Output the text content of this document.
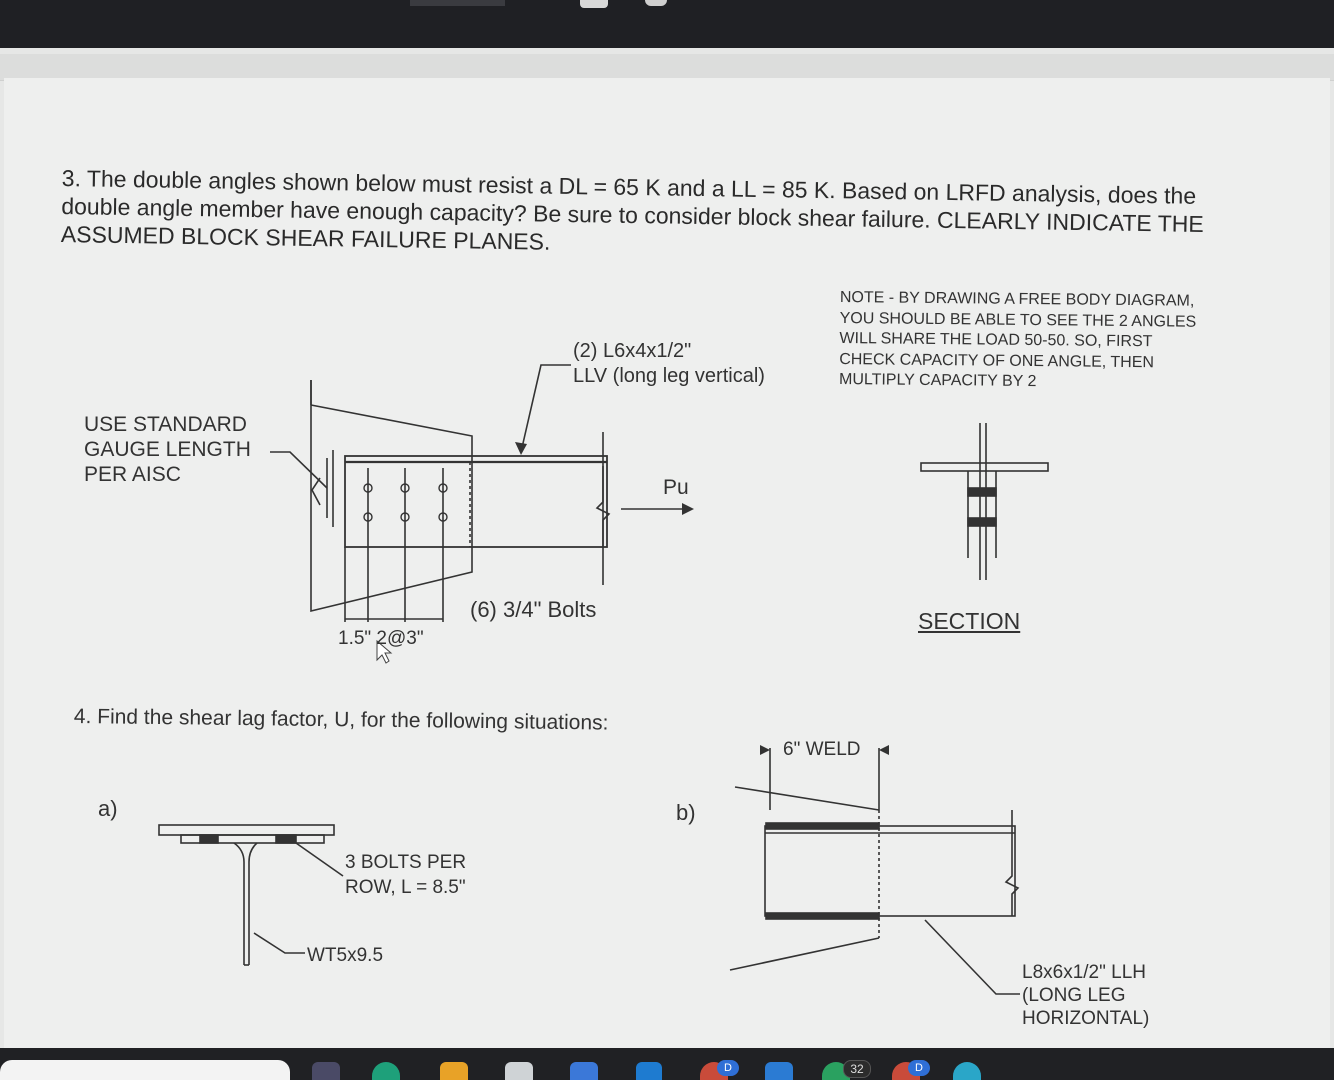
3. The double angles shown below must resist a DL = 65 K and a LL = 85 K. Based on LRFD analysis, does the
double angle member have enough capacity? Be sure to consider block shear failure. CLEARLY INDICATE THE
ASSUMED BLOCK SHEAR FAILURE PLANES.
USE STANDARD
GAUGE LENGTH
PER AISC
(2) L6x4x1/2"
LLV (long leg vertical)
NOTE - BY DRAWING A FREE BODY DIAGRAM,
YOU SHOULD BE ABLE TO SEE THE 2 ANGLES
WILL SHARE THE LOAD 50-50. SO, FIRST
CHECK CAPACITY OF ONE ANGLE, THEN
MULTIPLY CAPACITY BY 2
Pu
(6) 3/4" Bolts
1.5" 2@3"
SECTION
4. Find the shear lag factor, U, for the following situations:
a)	b)
3 BOLTS PER
ROW, L = 8.5"
WT5x9.5
6" WELD
L8x6x1/2" LLH
(LONG LEG
HORIZONTAL)
D	32	D
